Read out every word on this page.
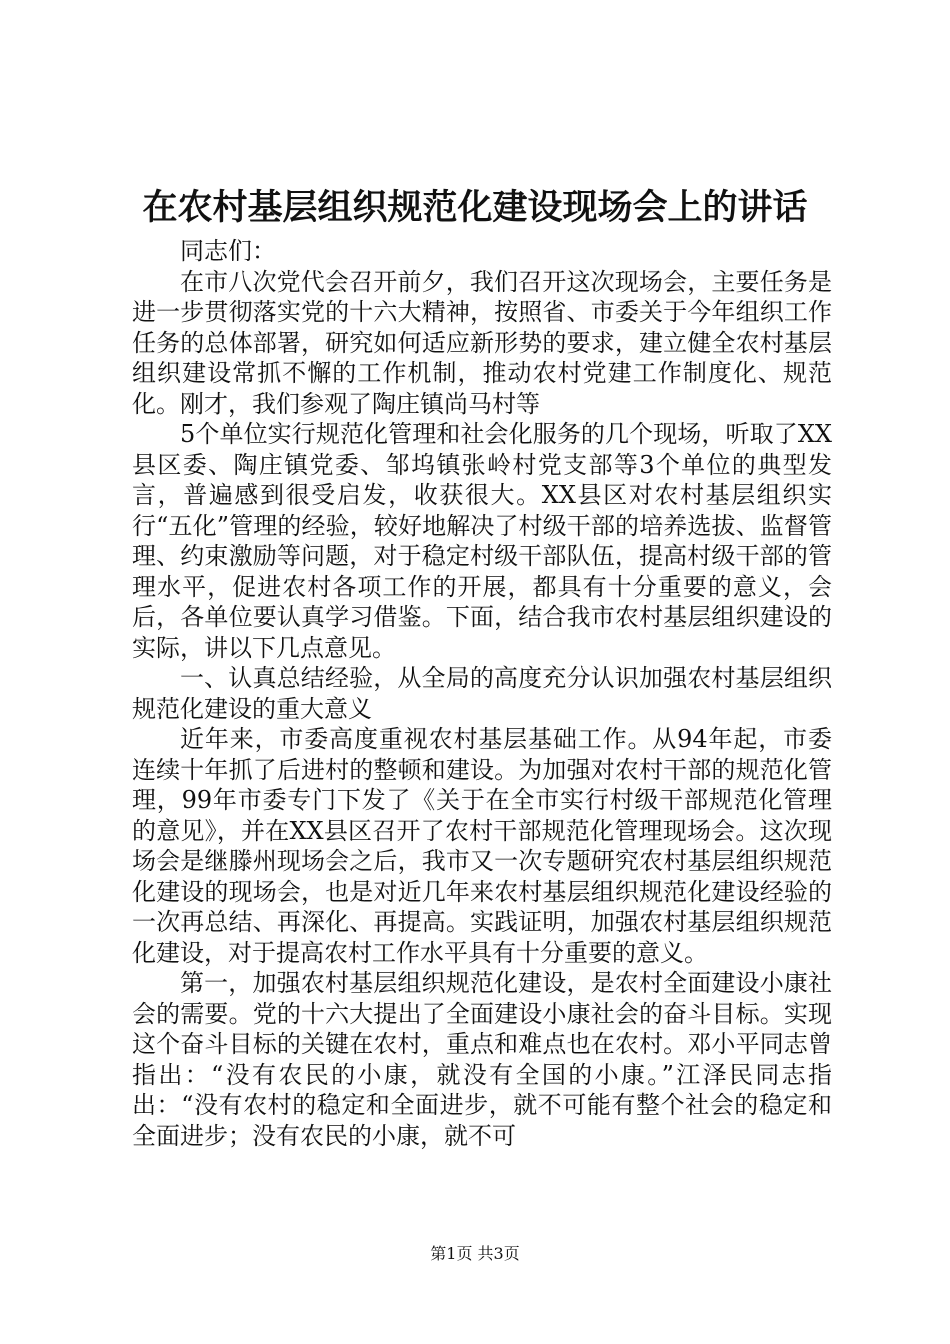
在农村基层组织规范化建设现场会上的讲话

同志们：

在市八次党代会召开前夕，我们召开这次现场会，主要任务是进一步贯彻落实党的十六大精神，按照省、市委关于今年组织工作任务的总体部署，研究如何适应新形势的要求，建立健全农村基层组织建设常抓不懈的工作机制，推动农村党建工作制度化、规范化。刚才，我们参观了陶庄镇尚马村等

5个单位实行规范化管理和社会化服务的几个现场，听取了XX县区委、陶庄镇党委、邹坞镇张岭村党支部等3个单位的典型发言，普遍感到很受启发，收获很大。XX县区对农村基层组织实行“五化”管理的经验，较好地解决了村级干部的培养选拔、监督管理、约束激励等问题，对于稳定村级干部队伍，提高村级干部的管理水平，促进农村各项工作的开展，都具有十分重要的意义，会后，各单位要认真学习借鉴。下面，结合我市农村基层组织建设的实际，讲以下几点意见。

一、认真总结经验，从全局的高度充分认识加强农村基层组织规范化建设的重大意义

近年来，市委高度重视农村基层基础工作。从94年起，市委连续十年抓了后进村的整顿和建设。为加强对农村干部的规范化管理，99年市委专门下发了《关于在全市实行村级干部规范化管理的意见》，并在XX县区召开了农村干部规范化管理现场会。这次现场会是继滕州现场会之后，我市又一次专题研究农村基层组织规范化建设的现场会，也是对近几年来农村基层组织规范化建设经验的一次再总结、再深化、再提高。实践证明，加强农村基层组织规范化建设，对于提高农村工作水平具有十分重要的意义。

第一，加强农村基层组织规范化建设，是农村全面建设小康社会的需要。党的十六大提出了全面建设小康社会的奋斗目标。实现这个奋斗目标的关键在农村，重点和难点也在农村。邓小平同志曾指出：“没有农民的小康，就没有全国的小康。”江泽民同志指出：“没有农村的稳定和全面进步，就不可能有整个社会的稳定和全面进步；没有农民的小康，就不可

第1页 共3页
